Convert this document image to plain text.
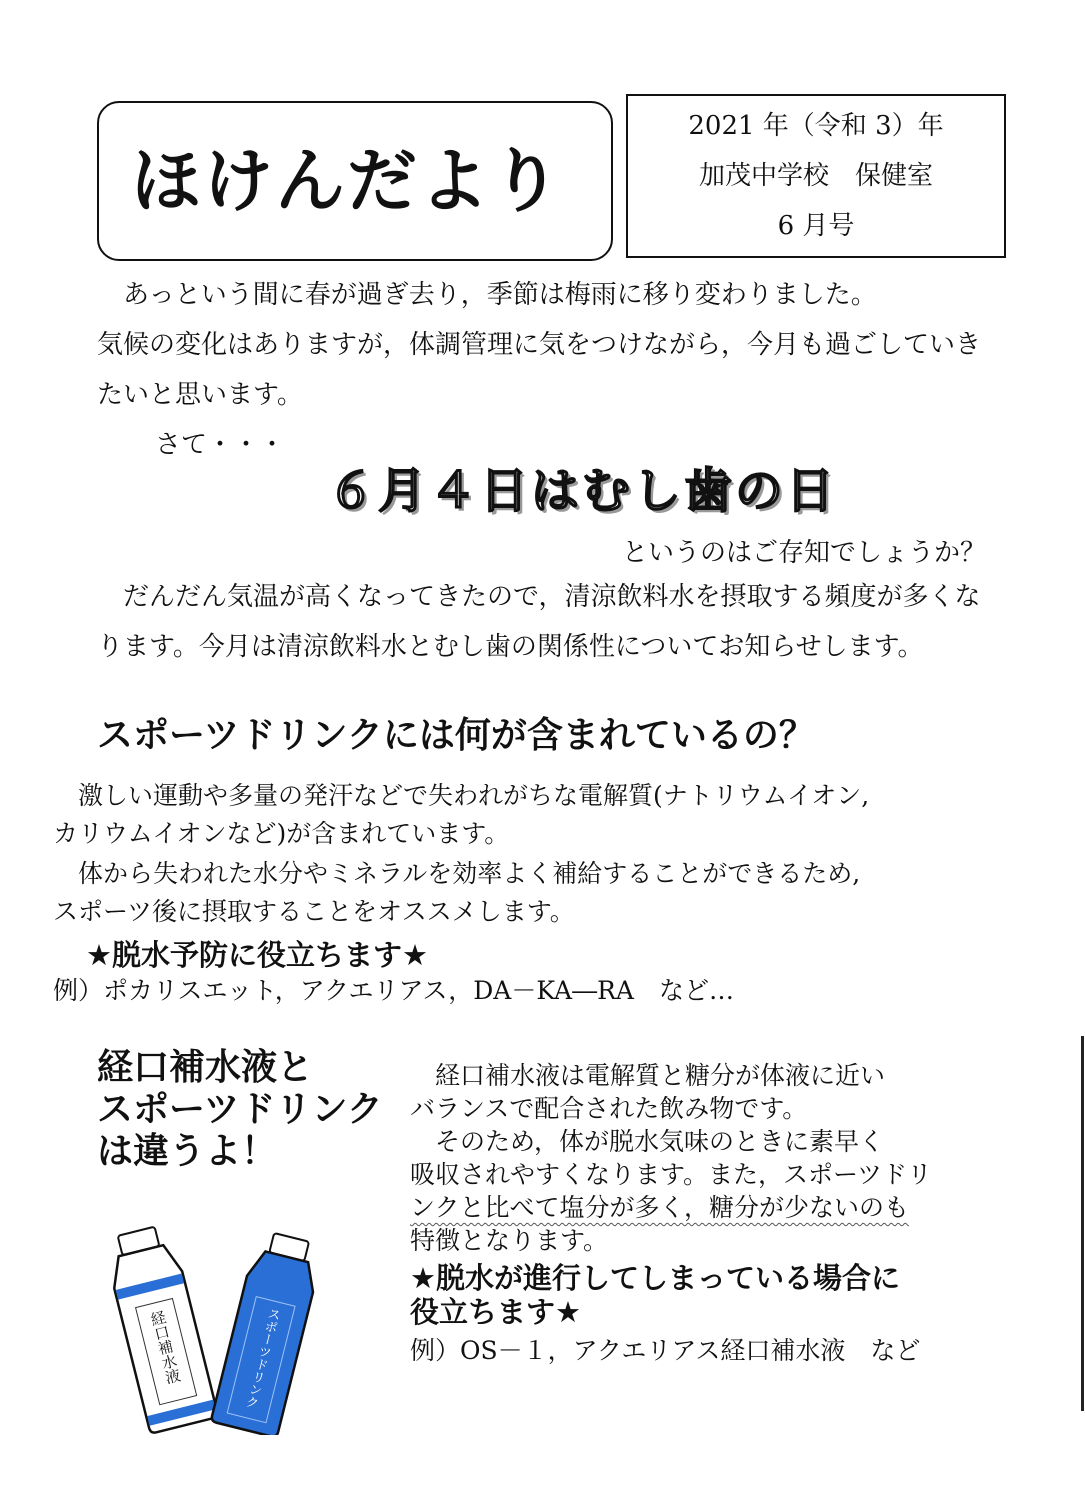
ほけんだより
2021 年（令和 3）年
加茂中学校　保健室
6 月号
　あっという間に春が過ぎ去り，季節は梅雨に移り変わりました。
気候の変化はありますが，体調管理に気をつけながら，今月も過ごしていき
たいと思います。
さて・・・
６月４日はむし歯の日
というのはご存知でしょうか？
　だんだん気温が高くなってきたので，清涼飲料水を摂取する頻度が多くな
ります。今月は清涼飲料水とむし歯の関係性についてお知らせします。
スポーツドリンクには何が含まれているの？
　激しい運動や多量の発汗などで失われがちな電解質(ナトリウムイオン,
カリウムイオンなど)が含まれています。
　体から失われた水分やミネラルを効率よく補給することができるため,
スポーツ後に摂取することをオススメします。
★脱水予防に役立ちます★
例）ポカリスエット，アクエリアス，DA－KA―RA　など…
経口補水液と
スポーツドリンク
は違うよ！
経口補水液	スポーツドリンク
　経口補水液は電解質と糖分が体液に近い
バランスで配合された飲み物です。
　そのため，体が脱水気味のときに素早く
吸収されやすくなります。また，スポーツドリ
ンクと比べて塩分が多く，糖分が少ないのも
特徴となります。
★脱水が進行してしまっている場合に
役立ちます★
例）OS－１，アクエリアス経口補水液　など
